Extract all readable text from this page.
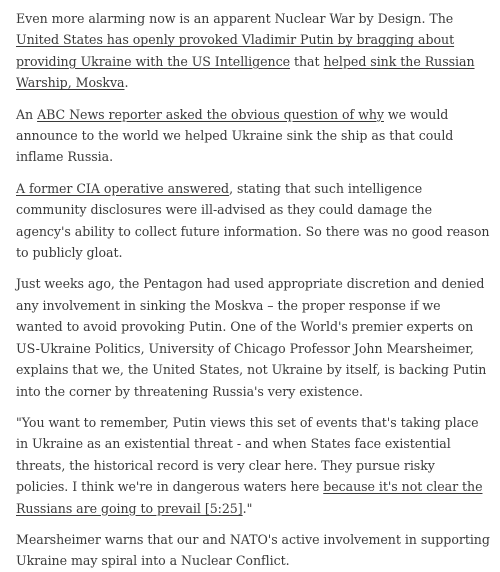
Even more alarming now is an apparent Nuclear War by Design. The United States has openly provoked Vladimir Putin by bragging about providing Ukraine with the US Intelligence that helped sink the Russian Warship, Moskva.

An ABC News reporter asked the obvious question of why we would announce to the world we helped Ukraine sink the ship as that could inflame Russia.

A former CIA operative answered, stating that such intelligence community disclosures were ill-advised as they could damage the agency's ability to collect future information. So there was no good reason to publicly gloat.

Just weeks ago, the Pentagon had used appropriate discretion and denied any involvement in sinking the Moskva – the proper response if we wanted to avoid provoking Putin. One of the World's premier experts on US-Ukraine Politics, University of Chicago Professor John Mearsheimer, explains that we, the United States, not Ukraine by itself, is backing Putin into the corner by threatening Russia's very existence.

"You want to remember, Putin views this set of events that's taking place in Ukraine as an existential threat - and when States face existential threats, the historical record is very clear here. They pursue risky policies. I think we're in dangerous waters here because it's not clear the Russians are going to prevail [5:25]."

Mearsheimer warns that our and NATO's active involvement in supporting Ukraine may spiral into a Nuclear Conflict.
